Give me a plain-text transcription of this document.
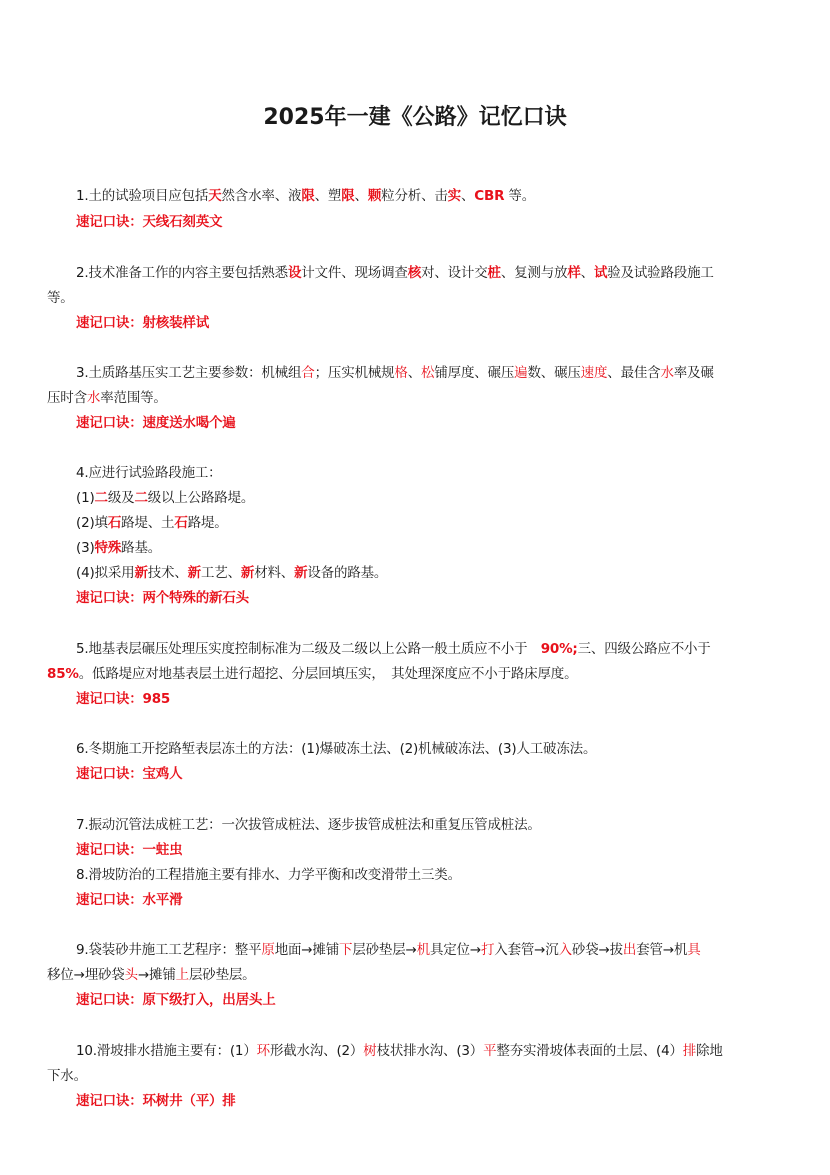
2025年一建《公路》记忆口诀
1.土的试验项目应包括天然含水率、液限、塑限、颗粒分析、击实、CBR 等。
速记口诀：天线石刻英文
2.技术准备工作的内容主要包括熟悉设计文件、现场调查核对、设计交桩、复测与放样、试验及试验路段施工
等。
速记口诀：射核装样试
3.土质路基压实工艺主要参数：机械组合；压实机械规格、松铺厚度、碾压遍数、碾压速度、最佳含水率及碾
压时含水率范围等。
速记口诀：速度送水喝个遍
4.应进行试验路段施工：
(1)二级及二级以上公路路堤。
(2)填石路堤、土石路堤。
(3)特殊路基。
(4)拟采用新技术、新工艺、新材料、新设备的路基。
速记口诀：两个特殊的新石头
5.地基表层碾压处理压实度控制标准为二级及二级以上公路一般土质应不小于　90%;三、四级公路应不小于
85%。低路堤应对地基表层土进行超挖、分层回填压实，　其处理深度应不小于路床厚度。
速记口诀：985
6.冬期施工开挖路堑表层冻土的方法：(1)爆破冻土法、(2)机械破冻法、(3)人工破冻法。
速记口诀：宝鸡人
7.振动沉管法成桩工艺：一次拔管成桩法、逐步拔管成桩法和重复压管成桩法。
速记口诀：一蛀虫
8.滑坡防治的工程措施主要有排水、力学平衡和改变滑带土三类。
速记口诀：水平滑
9.袋装砂井施工工艺程序：整平原地面→摊铺下层砂垫层→机具定位→打入套管→沉入砂袋→拔出套管→机具
移位→埋砂袋头→摊铺上层砂垫层。
速记口诀：原下级打入，出居头上
10.滑坡排水措施主要有：(1）环形截水沟、(2）树枝状排水沟、(3）平整夯实滑坡体表面的土层、(4）排除地
下水。
速记口诀：环树井（平）排
